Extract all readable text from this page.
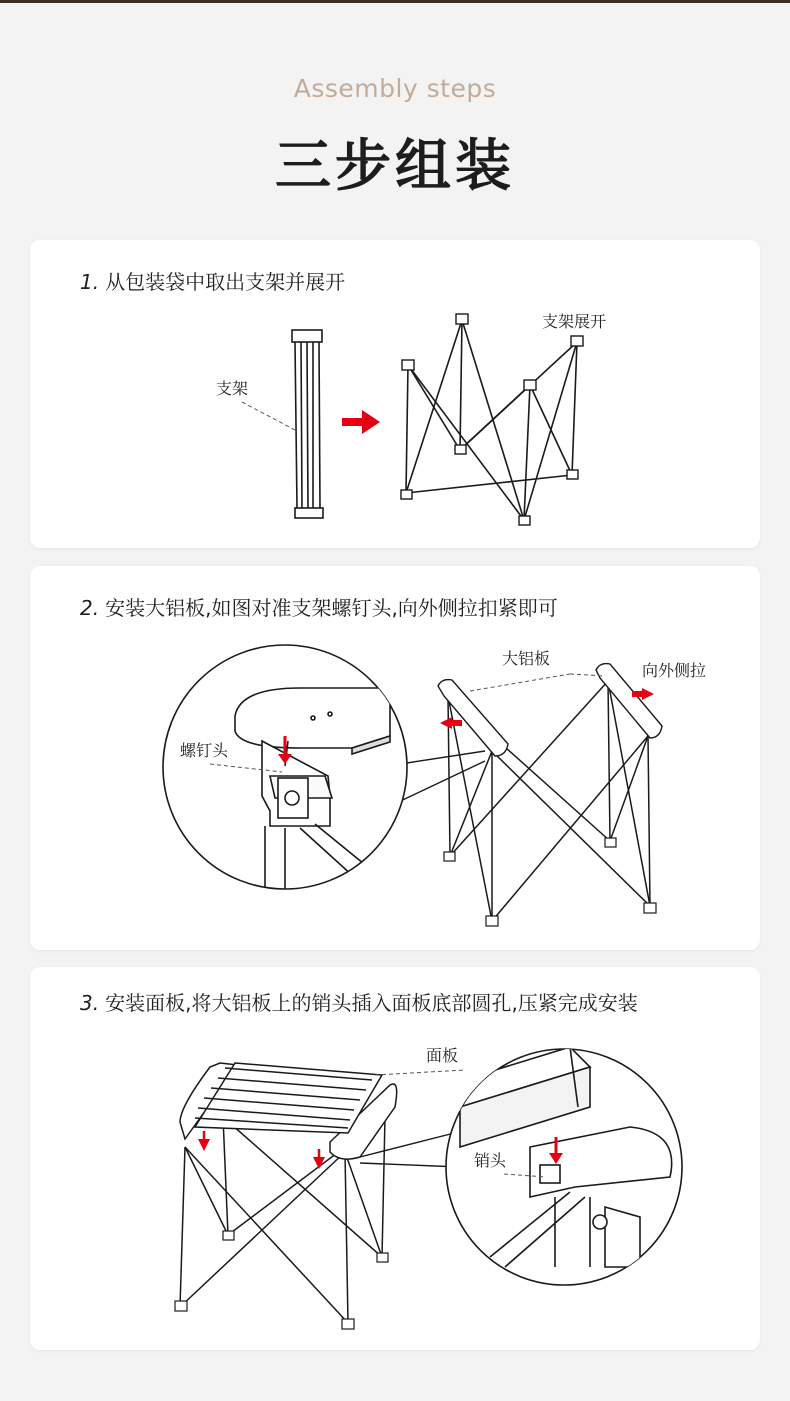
Assembly steps
三步组装
1. 从包装袋中取出支架并展开
支架
支架展开
2. 安装大铝板,如图对准支架螺钉头,向外侧拉扣紧即可
螺钉头
大铝板
向外侧拉
3. 安装面板,将大铝板上的销头插入面板底部圆孔,压紧完成安装
面板
销头
